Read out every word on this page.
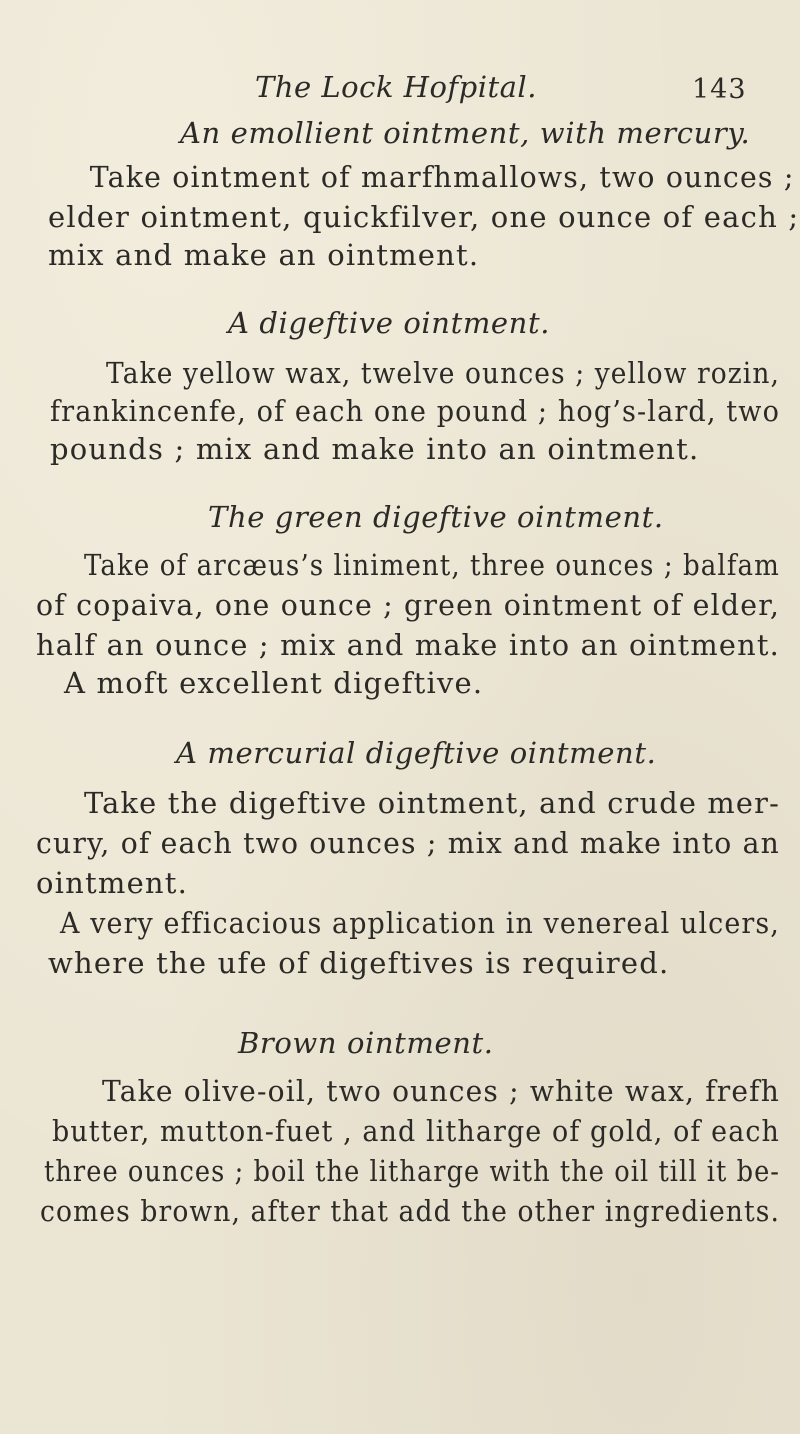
The Lock Hofpital.	143
An emollient ointment, with mercury.
Take ointment of marfhmallows, two ounces ;
elder ointment, quickfilver, one ounce of each ;
mix and make an ointment.
A digeftive ointment.
Take yellow wax, twelve ounces ; yellow rozin,
frankincenfe, of each one pound ; hog’s-lard, two
pounds ; mix and make into an ointment.
The green digeftive ointment.
Take of arcæus’s liniment, three ounces ; balfam
of copaiva, one ounce ; green ointment of elder,
half an ounce ; mix and make into an ointment.
A moft excellent digeftive.
A mercurial digeftive ointment.
Take the digeftive ointment, and crude mer-
cury, of each two ounces ; mix and make into an
ointment.
A very efficacious application in venereal ulcers,
where the ufe of digeftives is required.
Brown ointment.
Take olive-oil, two ounces ; white wax, frefh
butter, mutton-fuet , and litharge of gold, of each
three ounces ; boil the litharge with the oil till it be-
comes brown, after that add the other ingredients.
